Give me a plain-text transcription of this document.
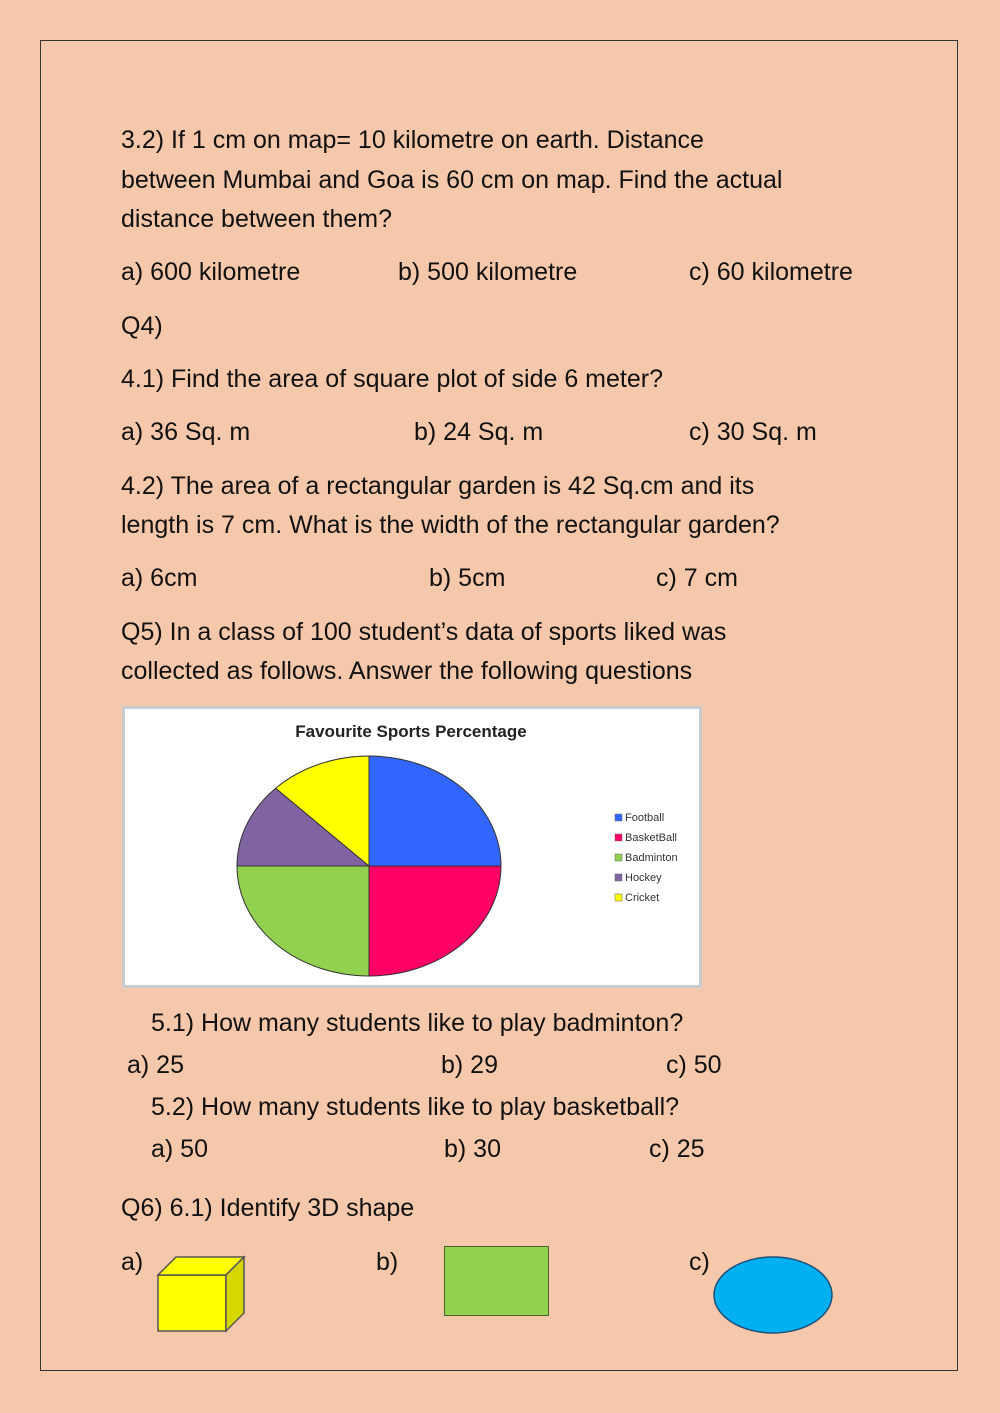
3.2) If 1 cm on map= 10 kilometre on earth. Distance
between Mumbai and Goa is 60 cm on map. Find the actual
distance between them?
a) 600 kilometre	b) 500 kilometre	c) 60 kilometre
Q4)
4.1) Find the area of square plot of side 6 meter?
a) 36 Sq. m	b) 24 Sq. m	c) 30 Sq. m
4.2) The area of a rectangular garden is 42 Sq.cm and its
length is 7 cm. What is the width of the rectangular garden?
a) 6cm	b) 5cm	c) 7 cm
Q5) In a class of 100 student’s data of sports liked was
collected as follows. Answer the following questions
Favourite Sports Percentage
Football
BasketBall
Badminton
Hockey
Cricket
5.1) How many students like to play badminton?
a) 25	b) 29	c) 50
5.2) How many students like to play basketball?
a) 50	b) 30	c) 25
Q6) 6.1) Identify 3D shape
a)	b)	c)
